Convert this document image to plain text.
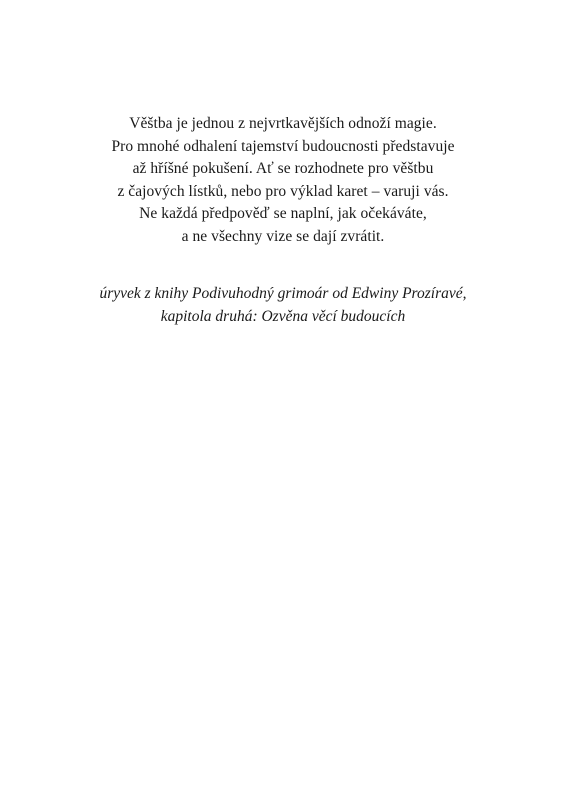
Věštba je jednou z nejvrtkavějších odnoží magie.
Pro mnohé odhalení tajemství budoucnosti představuje
až hříšné pokušení. Ať se rozhodnete pro věštbu
z čajových lístků, nebo pro výklad karet – varuji vás.
Ne každá předpověď se naplní, jak očekáváte,
a ne všechny vize se dají zvrátit.
úryvek z knihy Podivuhodný grimoár od Edwiny Prozíravé,
kapitola druhá: Ozvěna věcí budoucích
